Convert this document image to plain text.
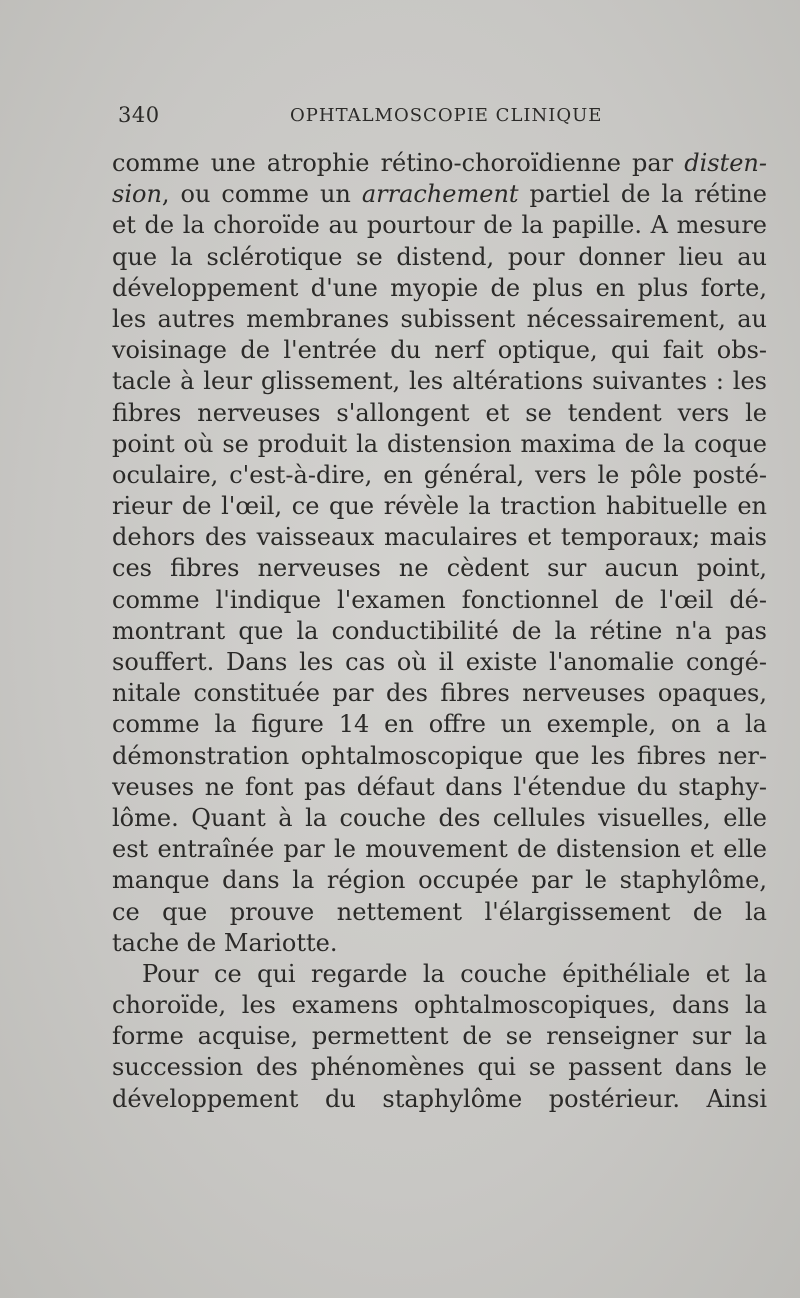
340	OPHTALMOSCOPIE CLINIQUE
comme une atrophie rétino-choroïdienne par disten-
sion, ou comme un arrachement partiel de la rétine
et de la choroïde au pourtour de la papille. A mesure
que la sclérotique se distend, pour donner lieu au
développement d'une myopie de plus en plus forte,
les autres membranes subissent nécessairement, au
voisinage de l'entrée du nerf optique, qui fait obs-
tacle à leur glissement, les altérations suivantes : les
fibres nerveuses s'allongent et se tendent vers le
point où se produit la distension maxima de la coque
oculaire, c'est-à-dire, en général, vers le pôle posté-
rieur de l'œil, ce que révèle la traction habituelle en
dehors des vaisseaux maculaires et temporaux; mais
ces fibres nerveuses ne cèdent sur aucun point,
comme l'indique l'examen fonctionnel de l'œil dé-
montrant que la conductibilité de la rétine n'a pas
souffert. Dans les cas où il existe l'anomalie congé-
nitale constituée par des fibres nerveuses opaques,
comme la figure 14 en offre un exemple, on a la
démonstration ophtalmoscopique que les fibres ner-
veuses ne font pas défaut dans l'étendue du staphy-
lôme. Quant à la couche des cellules visuelles, elle
est entraînée par le mouvement de distension et elle
manque dans la région occupée par le staphylôme,
ce que prouve nettement l'élargissement de la
tache de Mariotte.
Pour ce qui regarde la couche épithéliale et la
choroïde, les examens ophtalmoscopiques, dans la
forme acquise, permettent de se renseigner sur la
succession des phénomènes qui se passent dans le
développement du staphylôme postérieur. Ainsi
